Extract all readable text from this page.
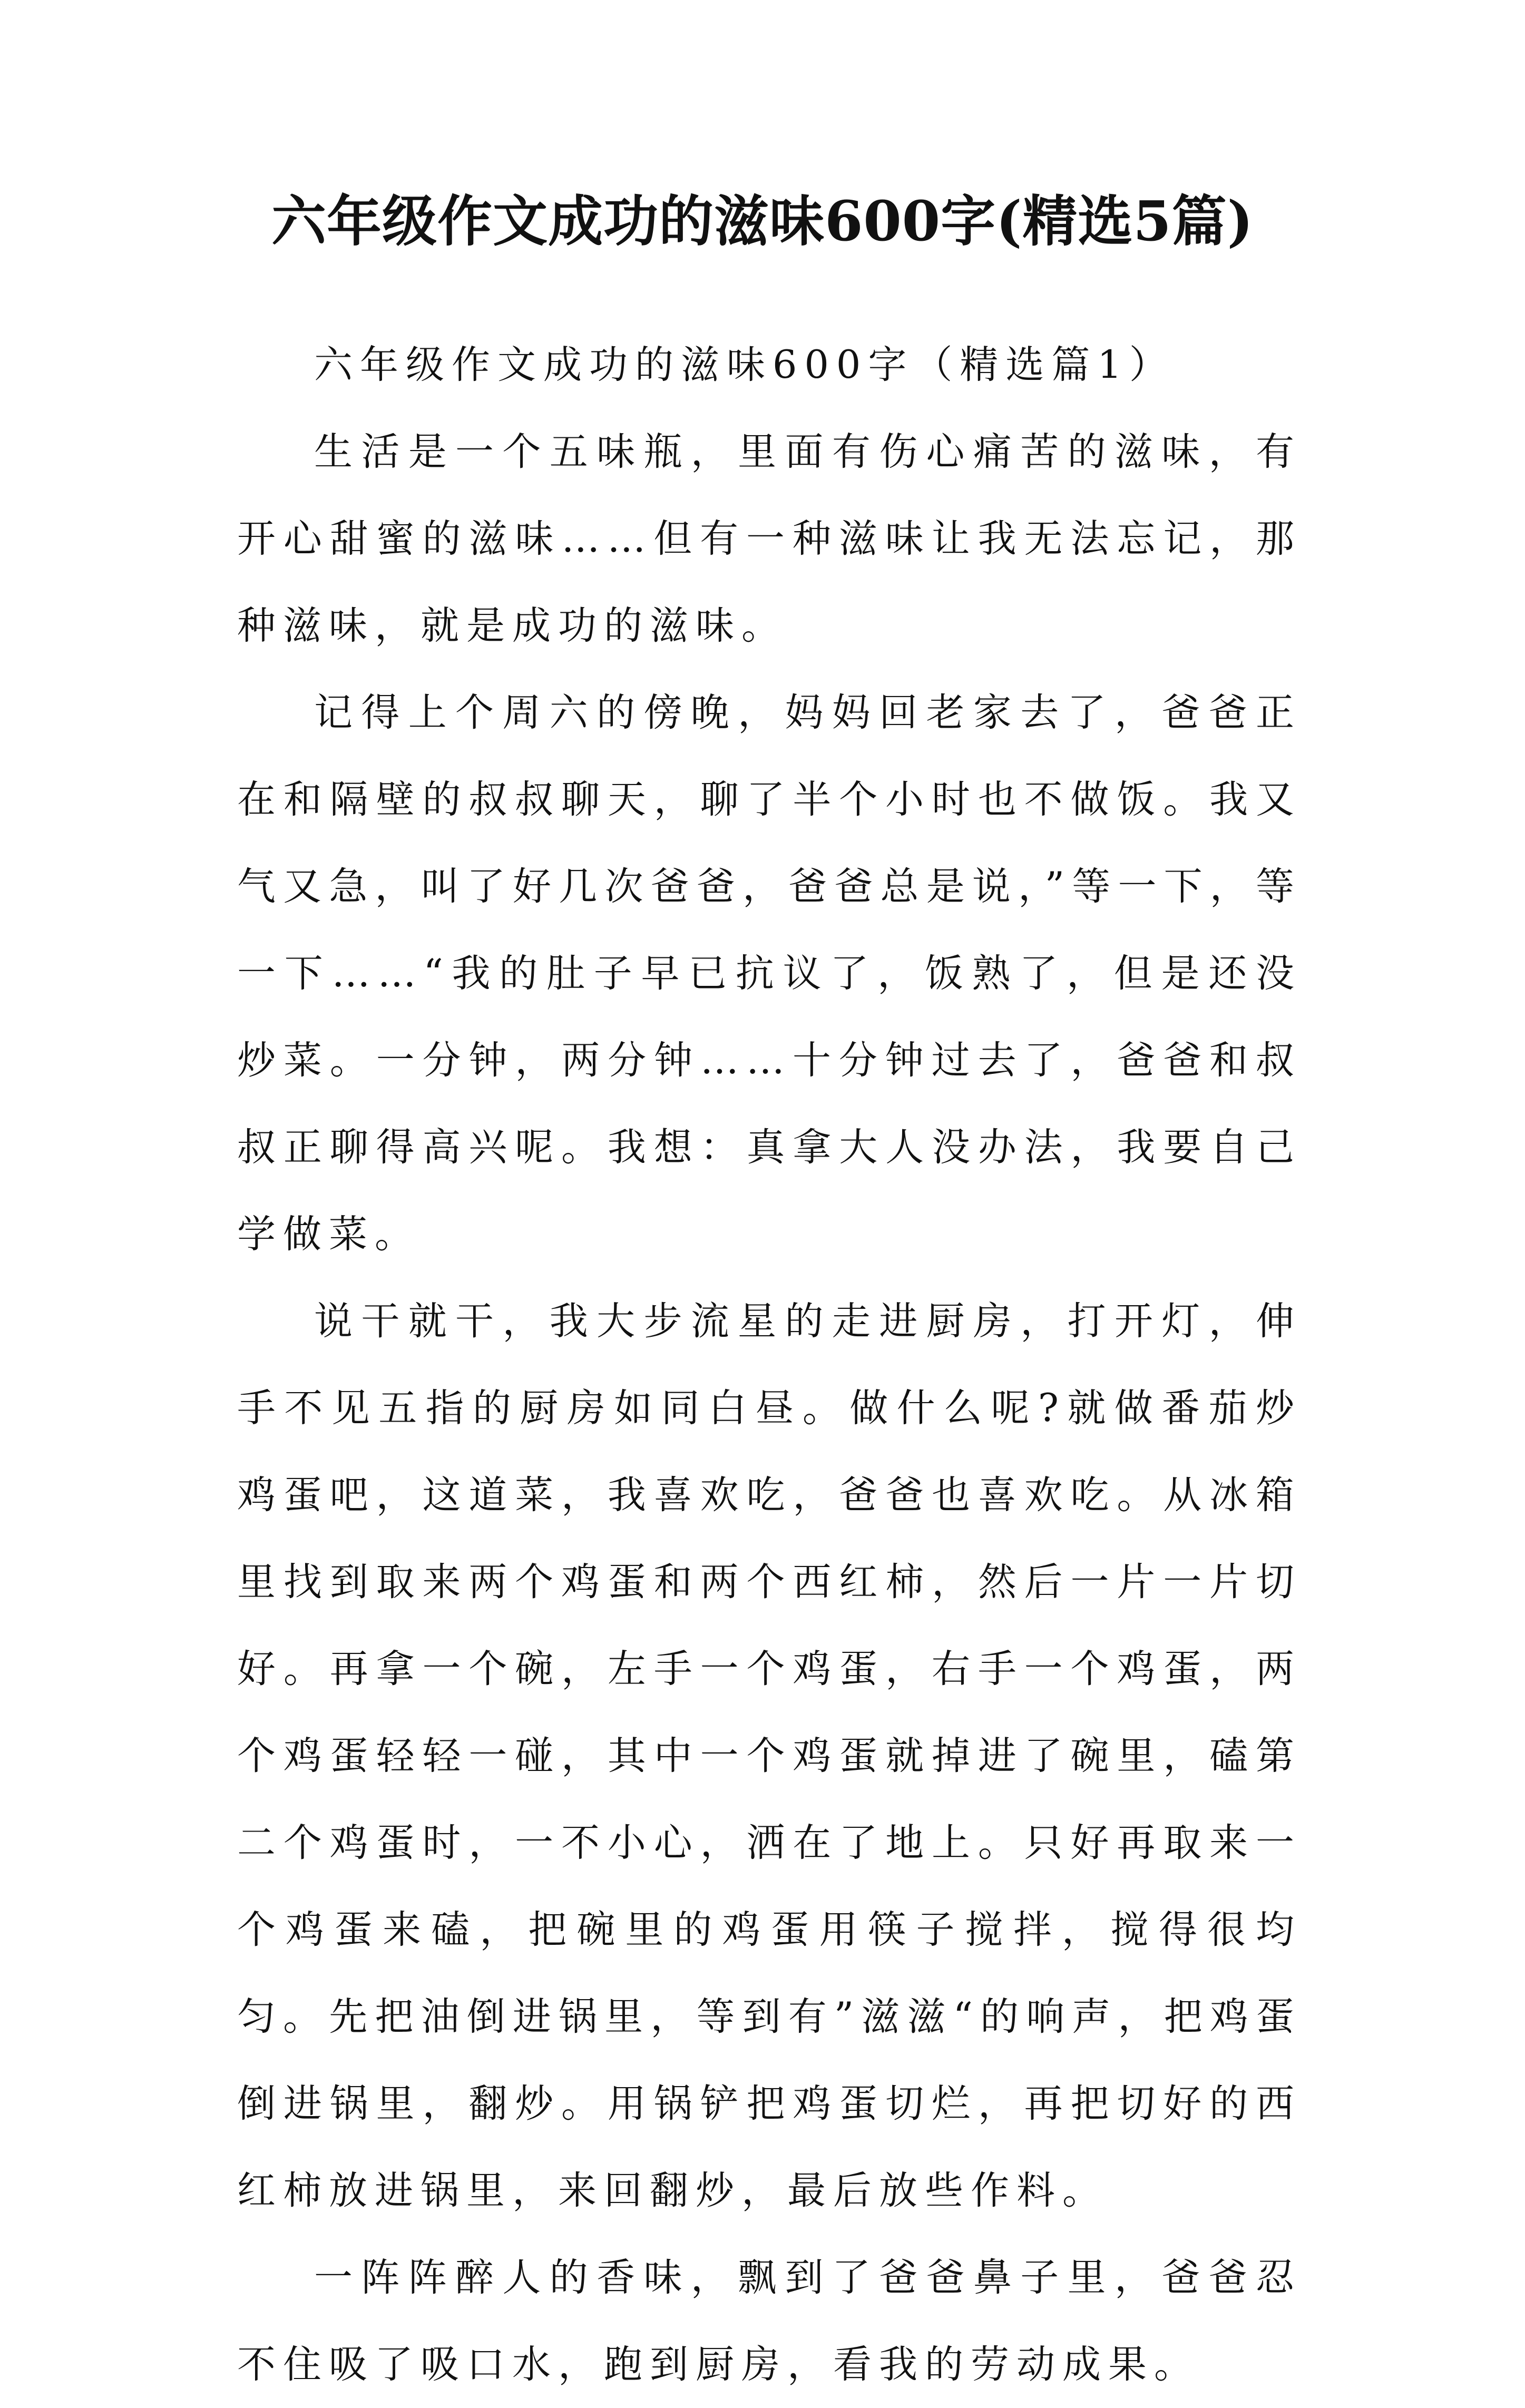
六年级作文成功的滋味600字(精选5篇)

六年级作文成功的滋味600字（精选篇1）

生活是一个五味瓶，里面有伤心痛苦的滋味，有开心甜蜜的滋味……但有一种滋味让我无法忘记，那种滋味，就是成功的滋味。

记得上个周六的傍晚，妈妈回老家去了，爸爸正在和隔壁的叔叔聊天，聊了半个小时也不做饭。我又气又急，叫了好几次爸爸，爸爸总是说，”等一下，等一下……“我的肚子早已抗议了，饭熟了，但是还没炒菜。一分钟，两分钟……十分钟过去了，爸爸和叔叔正聊得高兴呢。我想：真拿大人没办法，我要自己学做菜。

说干就干，我大步流星的走进厨房，打开灯，伸手不见五指的厨房如同白昼。做什么呢?就做番茄炒鸡蛋吧，这道菜，我喜欢吃，爸爸也喜欢吃。从冰箱里找到取来两个鸡蛋和两个西红柿，然后一片一片切好。再拿一个碗，左手一个鸡蛋，右手一个鸡蛋，两个鸡蛋轻轻一碰，其中一个鸡蛋就掉进了碗里，磕第二个鸡蛋时，一不小心，洒在了地上。只好再取来一个鸡蛋来磕，把碗里的鸡蛋用筷子搅拌，搅得很均匀。先把油倒进锅里，等到有”滋滋“的响声，把鸡蛋倒进锅里，翻炒。用锅铲把鸡蛋切烂，再把切好的西红柿放进锅里，来回翻炒，最后放些作料。

一阵阵醉人的香味，飘到了爸爸鼻子里，爸爸忍不住吸了吸口水，跑到厨房，看我的劳动成果。
